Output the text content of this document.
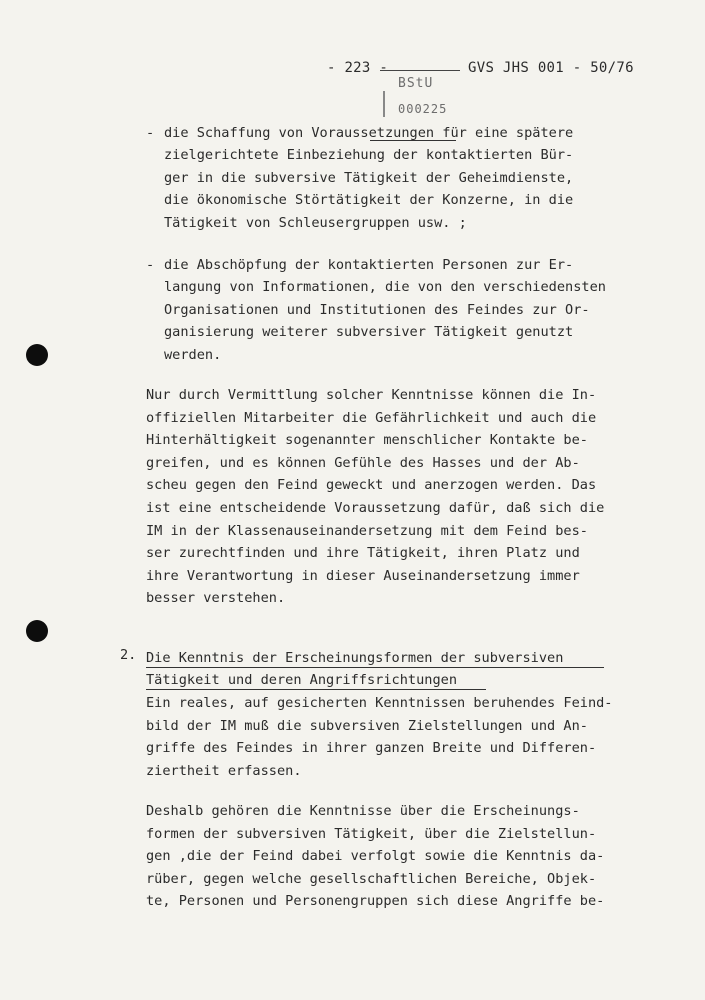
- 223 -	GVS JHS 001 - 50/76
BStU
000225
- die Schaffung von Voraussetzungen für eine spätere
zielgerichtete Einbeziehung der kontaktierten Bür-
ger in die subversive Tätigkeit der Geheimdienste,
die ökonomische Störtätigkeit der Konzerne, in die
Tätigkeit von Schleusergruppen usw. ;
- die Abschöpfung der kontaktierten Personen zur Er-
langung von Informationen, die von den verschiedensten
Organisationen und Institutionen des Feindes zur Or-
ganisierung weiterer subversiver Tätigkeit genutzt
werden.
Nur durch Vermittlung solcher Kenntnisse können die In-
offiziellen Mitarbeiter die Gefährlichkeit und auch die
Hinterhältigkeit sogenannter menschlicher Kontakte be-
greifen, und es können Gefühle des Hasses und der Ab-
scheu gegen den Feind geweckt und anerzogen werden. Das
ist eine entscheidende Voraussetzung dafür, daß sich die
IM in der Klassenauseinandersetzung mit dem Feind bes-
ser zurechtfinden und ihre Tätigkeit, ihren Platz und
ihre Verantwortung in dieser Auseinandersetzung immer
besser verstehen.
2. Die Kenntnis der Erscheinungsformen der subversiven
Tätigkeit und deren Angriffsrichtungen
Ein reales, auf gesicherten Kenntnissen beruhendes Feind-
bild der IM muß die subversiven Zielstellungen und An-
griffe des Feindes in ihrer ganzen Breite und Differen-
ziertheit erfassen.
Deshalb gehören die Kenntnisse über die Erscheinungs-
formen der subversiven Tätigkeit, über die Zielstellun-
gen ,die der Feind dabei verfolgt sowie die Kenntnis da-
rüber, gegen welche gesellschaftlichen Bereiche, Objek-
te, Personen und Personengruppen sich diese Angriffe be-
